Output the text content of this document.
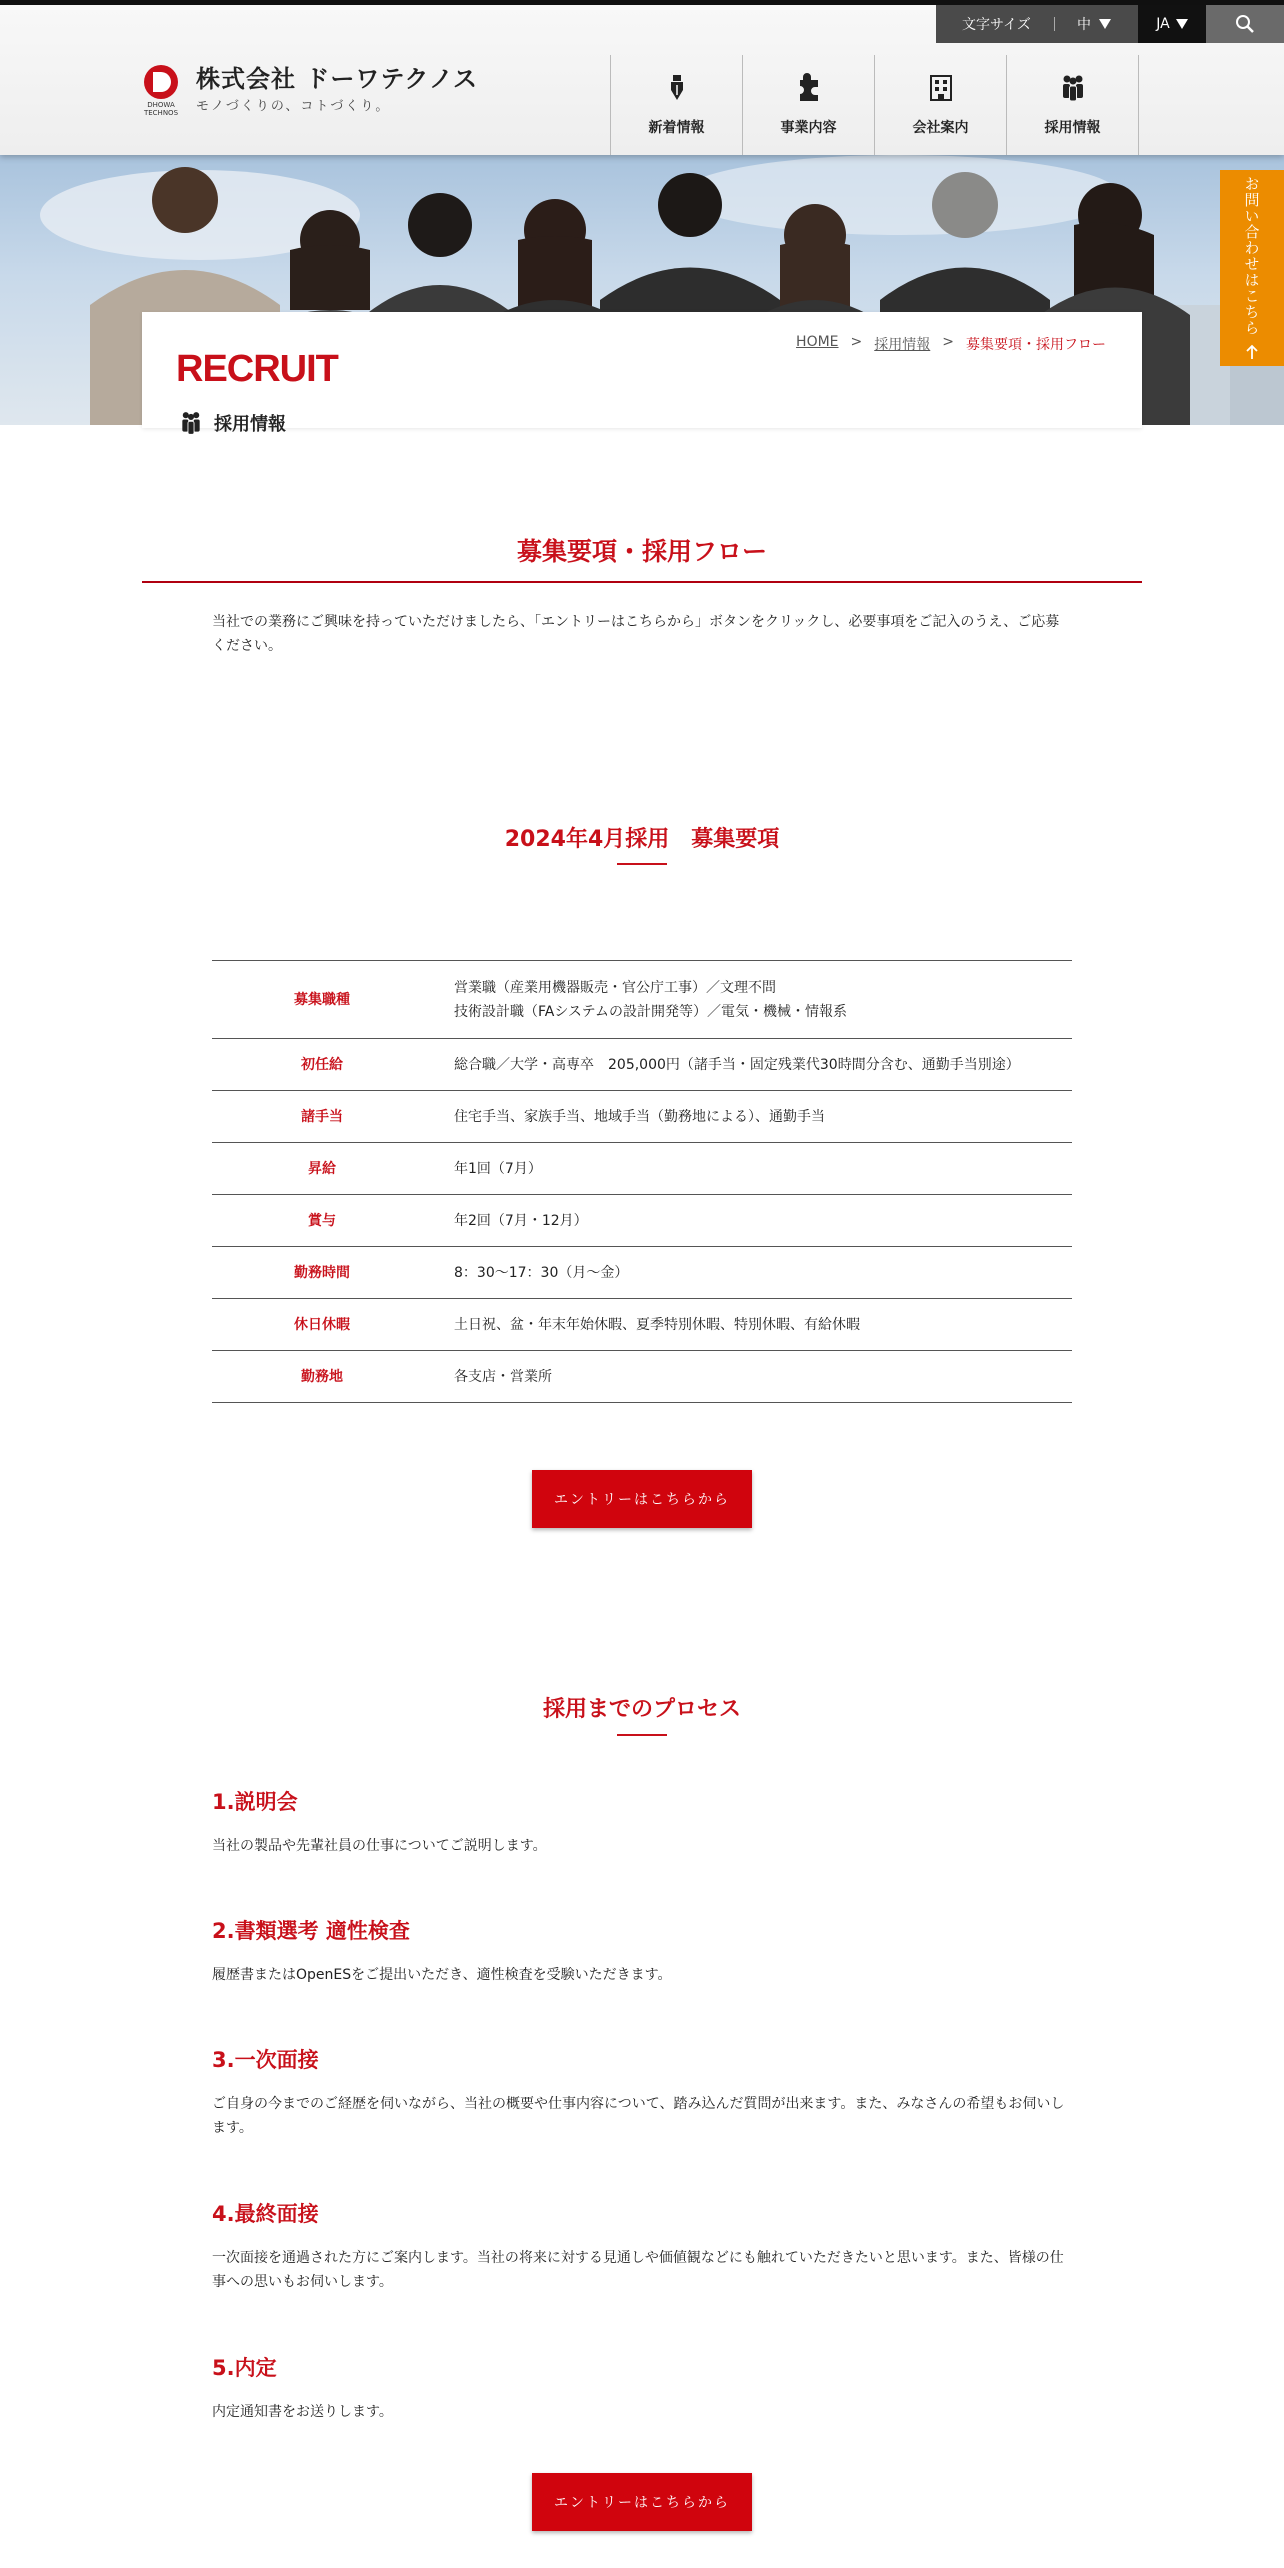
DHOWA TECHNOS
株式会社 ドーワテクノス
モノづくりの、コトづくり。
新着情報	事業内容	会社案内	採用情報
文字サイズ	中	JA
お問い合わせはこちら
RECRUIT
採用情報
HOME > 採用情報 > 募集要項・採用フロー
募集要項・採用フロー
当社での業務にご興味を持っていただけましたら、「エントリーはこちらから」ボタンをクリックし、必要事項をご記入のうえ、ご応募ください。
2024年4月採用　募集要項
募集職種	営業職（産業用機器販売・官公庁工事）／文理不問
技術設計職（FAシステムの設計開発等）／電気・機械・情報系

初任給	総合職／大学・高専卒　205,000円（諸手当・固定残業代30時間分含む、通勤手当別途）
諸手当	住宅手当、家族手当、地域手当（勤務地による）、通勤手当
昇給	年1回（7月）
賞与	年2回（7月・12月）
勤務時間	8：30〜17：30（月〜金）
休日休暇	土日祝、盆・年末年始休暇、夏季特別休暇、特別休暇、有給休暇
勤務地	各支店・営業所
エントリーはこちらから
採用までのプロセス
1.説明会
当社の製品や先輩社員の仕事についてご説明します。
2.書類選考 適性検査
履歴書またはOpenESをご提出いただき、適性検査を受験いただきます。
3.一次面接
ご自身の今までのご経歴を伺いながら、当社の概要や仕事内容について、踏み込んだ質問が出来ます。また、みなさんの希望もお伺いします。
4.最終面接
一次面接を通過された方にご案内します。当社の将来に対する見通しや価値観などにも触れていただきたいと思います。また、皆様の仕事への思いもお伺いします。
5.内定
内定通知書をお送りします。
エントリーはこちらから
